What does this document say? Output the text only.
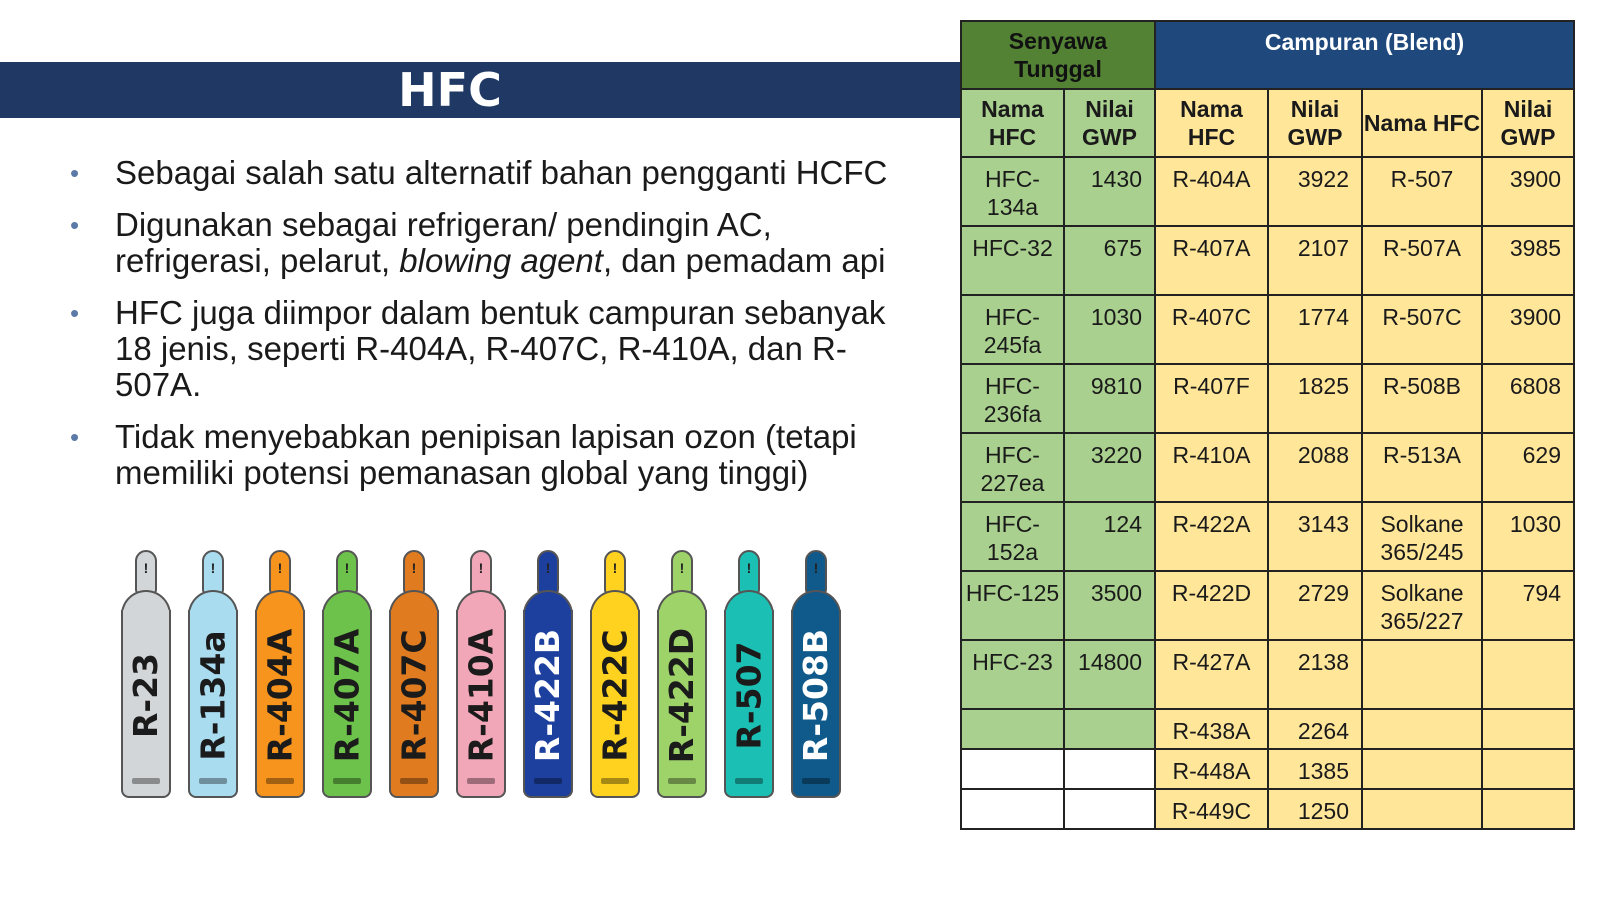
HFC
• Sebagai salah satu alternatif bahan pengganti HCFC
• Digunakan sebagai refrigeran/ pendingin AC, refrigerasi, pelarut, blowing agent, dan pemadam api
• HFC juga diimpor dalam bentuk campuran sebanyak 18 jenis, seperti R-404A, R-407C, R-410A, dan R-507A.
• Tidak menyebabkan penipisan lapisan ozon (tetapi memiliki potensi pemanasan global yang tinggi)
!
R-23
!
R-134a
!
R-404A
!
R-407A
!
R-407C
!
R-410A
!
R-422B
!
R-422C
!
R-422D
!
R-507
!
R-508B
Senyawa Tunggal		Campuran (Blend)			
Nama HFC	Nilai GWP	Nama HFC	Nilai GWP	Nama HFC	Nilai GWP
HFC-134a	1430	R-404A	3922	R-507	3900
HFC-32	675	R-407A	2107	R-507A	3985
HFC-245fa	1030	R-407C	1774	R-507C	3900
HFC-236fa	9810	R-407F	1825	R-508B	6808
HFC-227ea	3220	R-410A	2088	R-513A	629
HFC-152a	124	R-422A	3143	Solkane 365/245	1030
HFC-125	3500	R-422D	2729	Solkane 365/227	794
HFC-23	14800	R-427A	2138		
		R-438A	2264		
		R-448A	1385		
		R-449C	1250		
